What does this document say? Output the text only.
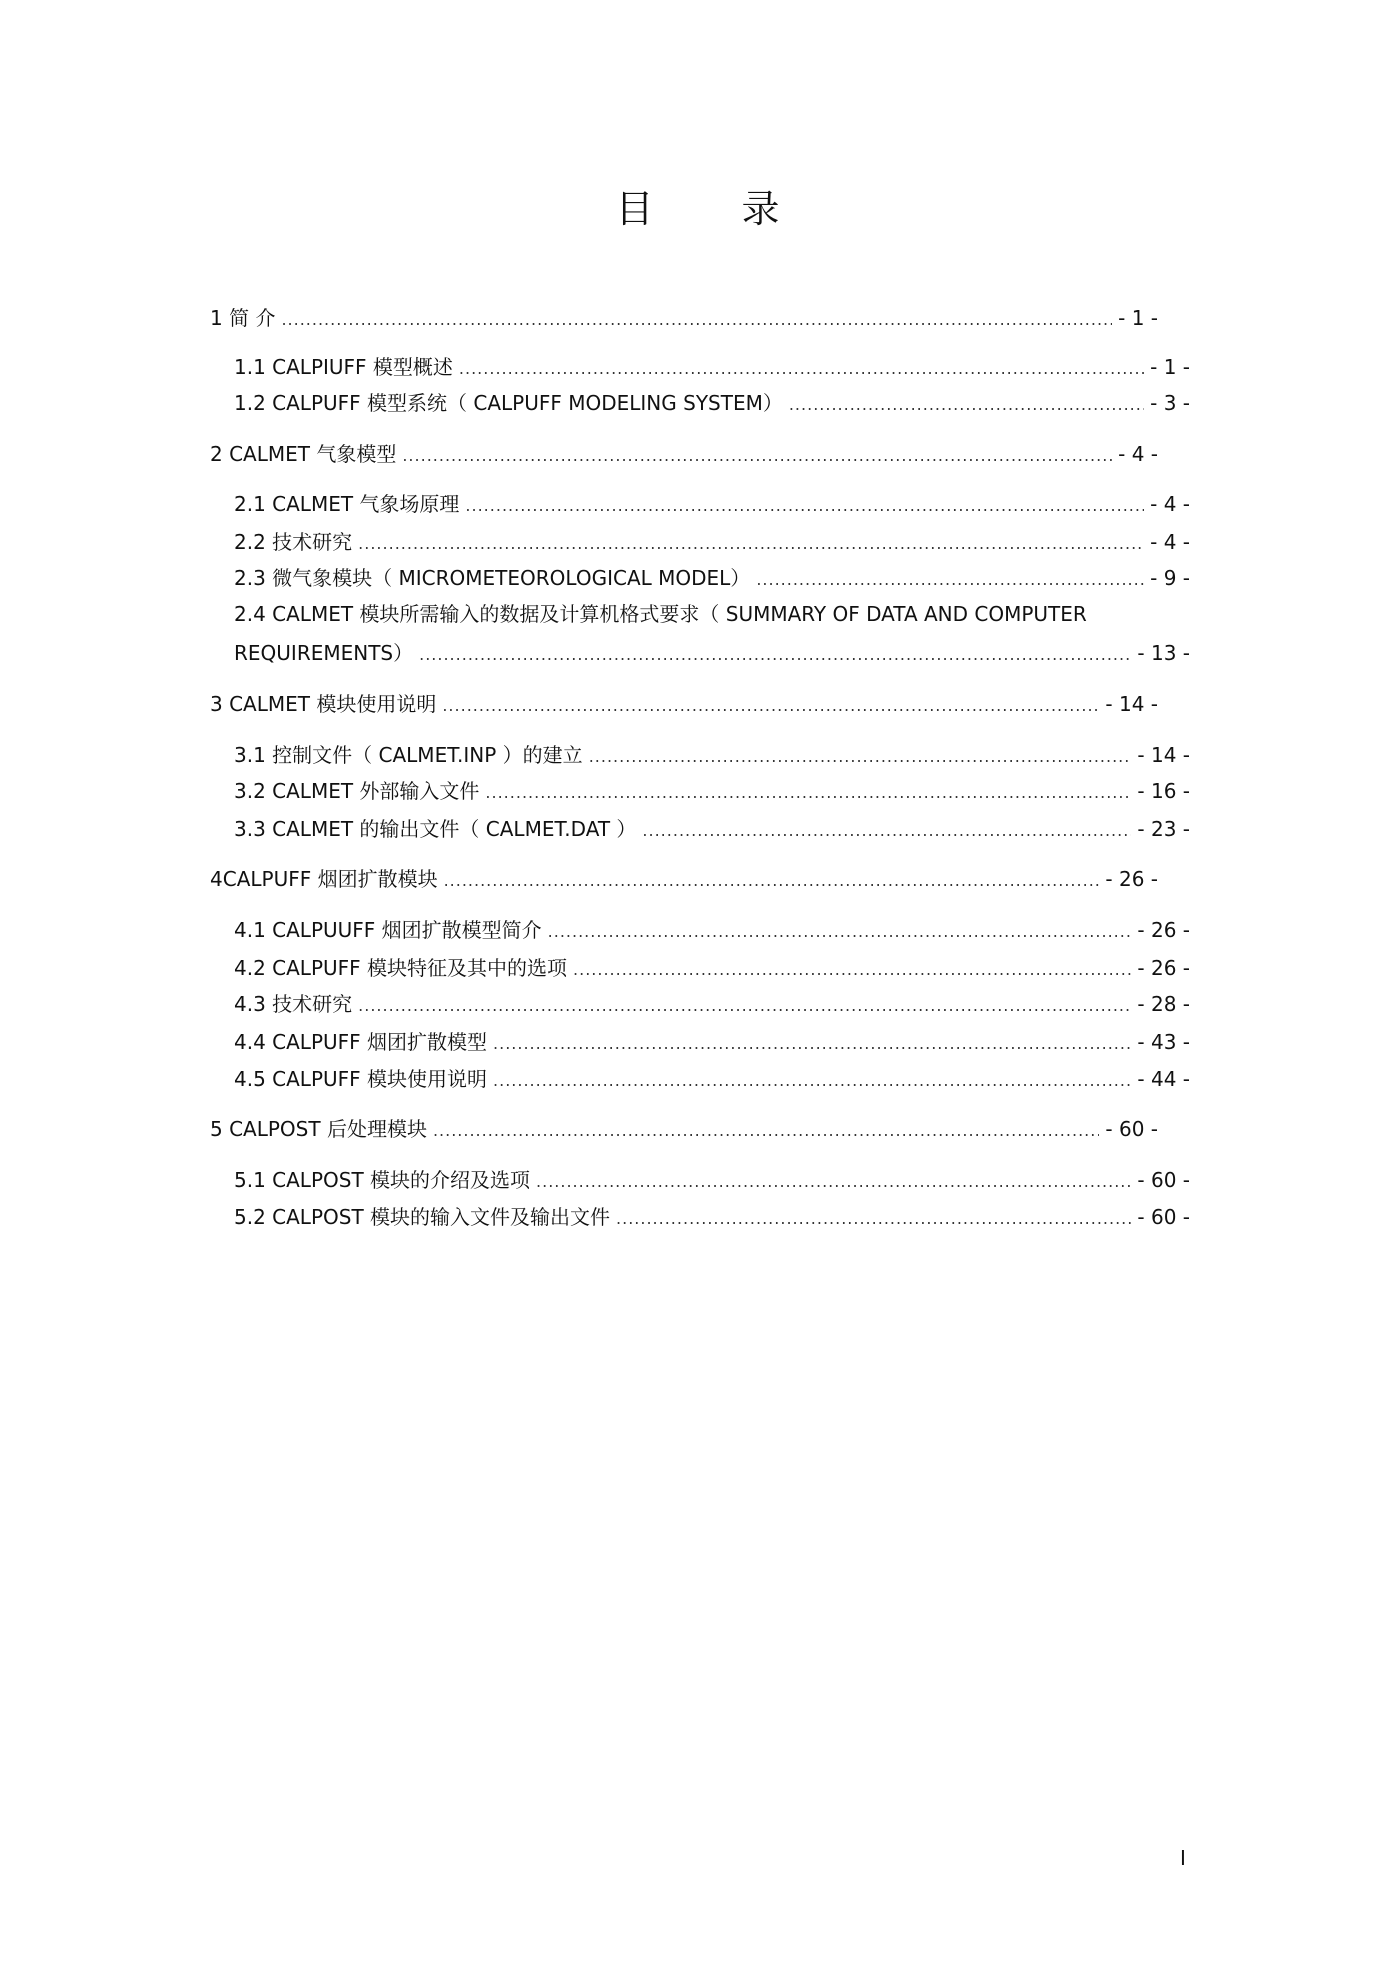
目 录
1 简 介 .....	- 1 -
1.1 CALPIUFF 模型概述 .....	- 1 -
1.2 CALPUFF 模型系统（ CALPUFF MODELING SYSTEM） .....	- 3 -
2 CALMET 气象模型 .....	- 4 -
2.1 CALMET 气象场原理 .....	- 4 -
2.2 技术研究 .....	- 4 -
2.3 微气象模块（ MICROMETEOROLOGICAL MODEL） .....	- 9 -
2.4 CALMET 模块所需输入的数据及计算机格式要求（ SUMMARY OF DATA AND COMPUTER
REQUIREMENTS） .....	- 13 -
3 CALMET 模块使用说明 .....	- 14 -
3.1 控制文件（ CALMET.INP ）的建立 .....	- 14 -
3.2 CALMET 外部输入文件 .....	- 16 -
3.3 CALMET 的输出文件（ CALMET.DAT ） .....	- 23 -
4CALPUFF 烟团扩散模块 .....	- 26 -
4.1 CALPUUFF 烟团扩散模型简介 .....	- 26 -
4.2 CALPUFF 模块特征及其中的选项 .....	- 26 -
4.3 技术研究 .....	- 28 -
4.4 CALPUFF 烟团扩散模型 .....	- 43 -
4.5 CALPUFF 模块使用说明 .....	- 44 -
5 CALPOST 后处理模块 .....	- 60 -
5.1 CALPOST 模块的介绍及选项 .....	- 60 -
5.2 CALPOST 模块的输入文件及输出文件 .....	- 60 -
I
